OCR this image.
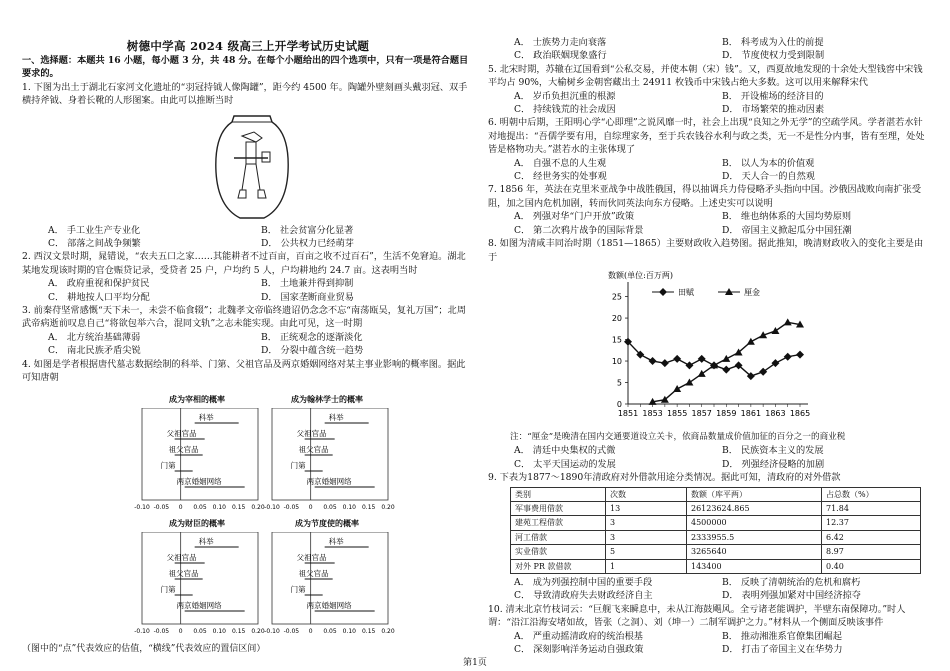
树德中学高 2024 级高三上开学考试历史试题

一、选择题：本题共 16 小题，每小题 3 分，共 48 分。在每个小题给出的四个选项中，只有一项是符合题目要求的。

1. 下图为出土于湖北石家河文化遗址的“羽冠持钺人像陶罐”，距今约 4500 年。陶罐外壁刻画头戴羽冠、双手横持斧钺、身着长靴的人形图案。由此可以推断当时

A． 手工业生产专业化	B． 社会贫富分化显著
C． 部落之间战争频繁	D． 公共权力已经萌芽

2. 西汉文景时期，晁错说，“农夫五口之家……其能耕者不过百亩，百亩之收不过百石”，生活不免窘迫。湖北某地发现该时期的官仓赈贷记录，受贷者 25 户，户均约 5 人，户均耕地约 24.7 亩。这表明当时

A． 政府重视和保护贫民	B． 土地兼并得到抑制
C． 耕地按人口平均分配	D． 国家垄断商业贸易

3. 前秦苻坚常感慨“天下未一，未尝不临食辍”；北魏孝文帝临终遗诏仍念念不忘“南荡瓯吴，复礼万国”；北周武帝病逝前叹息自己“将欲包举六合，混同文轨”之志未能实现。由此可见，这一时期

A． 北方统治基础薄弱	B． 正统观念的逐渐淡化
C． 南北民族矛盾尖锐	D． 分裂中蕴含统一趋势

4. 如图是学者根据唐代墓志数据绘制的科举、门第、父祖官品及两京婚姻网络对某主事业影响的概率图。据此可知唐朝

成为宰相的概率
科举
父祖官品
祖父官品
门第
两京婚姻网络
-0.10 -0.05 0 0.05 0.10 0.15 0.20
成为翰林学士的概率
科举
父祖官品
祖父官品
门第
两京婚姻网络
-0.10 -0.05 0 0.05 0.10 0.15 0.20
成为财臣的概率
科举
父祖官品
祖父官品
门第
两京婚姻网络
-0.10 -0.05 0 0.05 0.10 0.15 0.20
成为节度使的概率
科举
父祖官品
祖父官品
门第
两京婚姻网络
-0.10 -0.05 0 0.05 0.10 0.15 0.20

（图中的“点”代表效应的估值，“横线”代表效应的置信区间）

A． 士族势力走向衰落	B． 科考成为入仕的前提
C． 政治联姻现象盛行	D． 节度使权力受到限制

5. 北宋时期，苏辙在辽国看到“公私交易，并使本朝（宋）钱”。又，西夏故地发现的十余处大型钱窖中宋钱平均占 90%，大榆树乡金朝窖藏出土 24911 枚钱币中宋钱占绝大多数。这可以用来解释宋代

A． 岁币负担沉重的根源	B． 开设榷场的经济目的
C． 持续钱荒的社会成因	D． 市场繁荣的推动因素

6. 明朝中后期，王阳明心学“心即理”之说风靡一时，社会上出现“良知之外无学”的空疏学风。学者湛若水针对地提出：“吾儒学要有用，自综理家务，至于兵农钱谷水利与政之类，无一不是性分内事，皆有至理，处处皆是格物功夫。”湛若水的主张体现了

A． 自强不息的人生观	B． 以人为本的价值观
C． 经世务实的处事观	D． 天人合一的自然观

7. 1856 年，英法在克里米亚战争中战胜俄国，得以抽调兵力侍侵略矛头指向中国。沙俄因战败向南扩张受阻，加之国内危机加剧，转而伙同英法向东方侵略。上述史实可以说明

A． 列强对华“门户开放”政策	B． 维也纳体系的大国均势原则
C． 第二次鸦片战争的国际背景	D． 帝国主义掀起瓜分中国狂潮

8. 如图为清咸丰同治时期（1851—1865）主要财政收入趋势图。据此推知，晚清财政收入的变化主要是由于

数额(单位:百万两)
0
5
10
15
20
25
1851 1853 1855 1857 1859 1861 1863 1865
田赋	厘金

注：“厘金”是晚清在国内交通要道设立关卡，依商品数量成价值加征的百分之一的商业税

A． 清廷中央集权的式微	B． 民族资本主义的发展
C． 太平天国运动的发展	D． 列强经济侵略的加剧

9. 下表为1877～1890年清政府对外借款用途分类情况。据此可知，清政府的对外借款

类别	次数	数额（库平两）	占总数（%）
军事费用借款	13	26123624.865	71.84
建苑工程借款	3	4500000	12.37
河工借款	3	2333955.5	6.42
实业借款	5	3265640	8.97
对外 PR 款借款	1	143400	0.40
A． 成为列强控制中国的重要手段	B． 反映了清朝统治的危机和腐朽
C． 导致清政府失去财政经济自主	D． 表明列强加紧对中国经济掠夺

10. 清末北京竹枝词云：“巨舰飞来瞬息中，未从江海鼓飓风。全亏诸老能调护，半壁东南保障功。”时人谓：“沿江沿海安堵如故，皆张（之洞）、刘（坤一）二制军调护之力。”材料从一个侧面反映该事件

A． 严重动摇清政府的统治根基	B． 推动湘淮系官僚集团崛起
C． 深刻影响洋务运动自强政策	D． 打击了帝国主义在华势力
第1页
